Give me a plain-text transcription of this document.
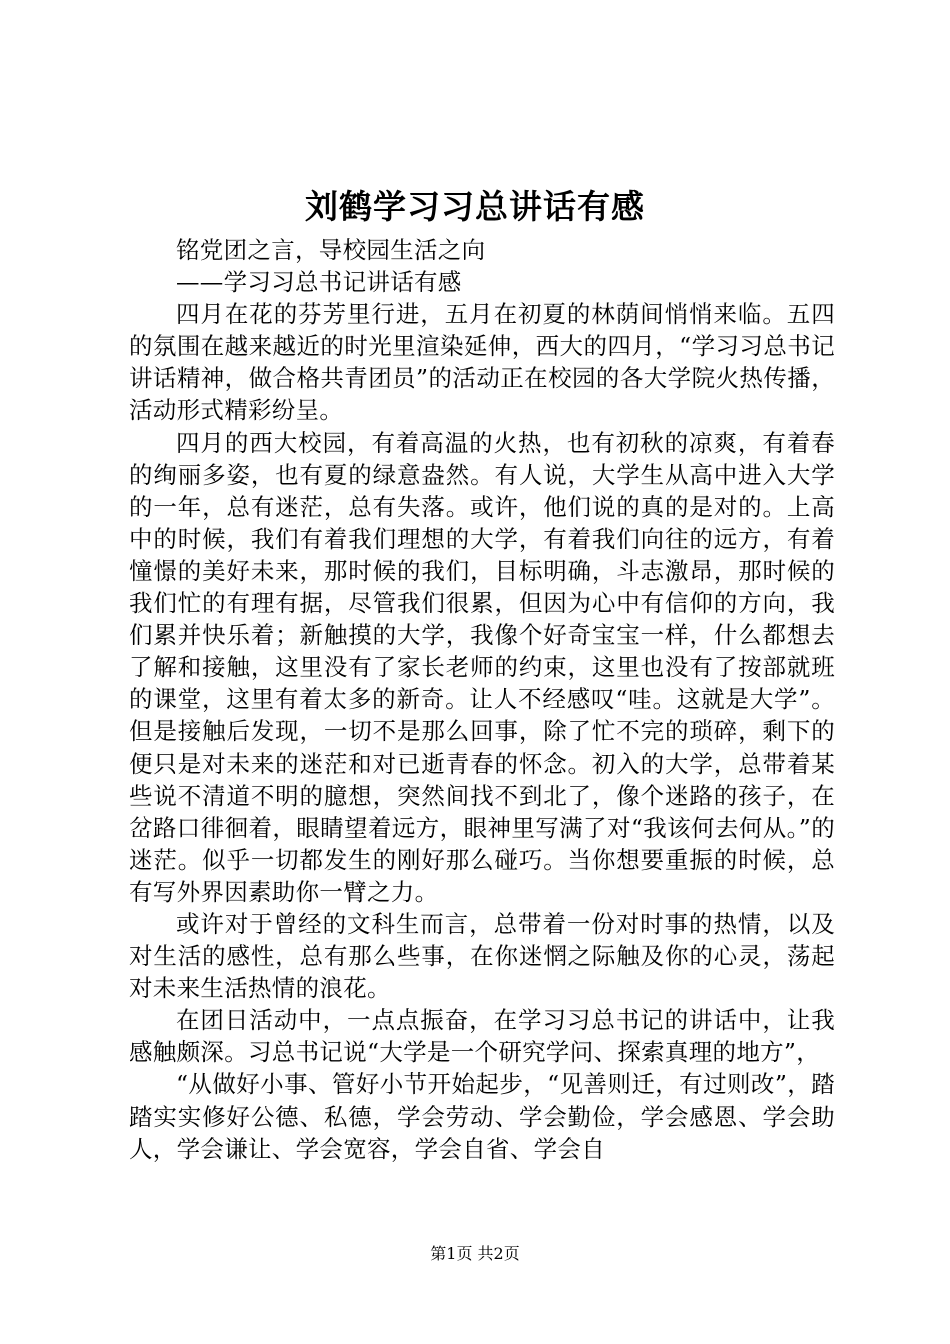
刘鹤学习习总讲话有感

铭党团之言，导校园生活之向

——学习习总书记讲话有感

四月在花的芬芳里行进，五月在初夏的林荫间悄悄来临。五四的氛围在越来越近的时光里渲染延伸，西大的四月，“学习习总书记讲话精神，做合格共青团员”的活动正在校园的各大学院火热传播，活动形式精彩纷呈。

四月的西大校园，有着高温的火热，也有初秋的凉爽，有着春的绚丽多姿，也有夏的绿意盎然。有人说，大学生从高中进入大学的一年，总有迷茫，总有失落。或许，他们说的真的是对的。上高中的时候，我们有着我们理想的大学，有着我们向往的远方，有着憧憬的美好未来，那时候的我们，目标明确，斗志激昂，那时候的我们忙的有理有据，尽管我们很累，但因为心中有信仰的方向，我们累并快乐着；新触摸的大学，我像个好奇宝宝一样，什么都想去了解和接触，这里没有了家长老师的约束，这里也没有了按部就班的课堂，这里有着太多的新奇。让人不经感叹“哇。这就是大学”。但是接触后发现，一切不是那么回事，除了忙不完的琐碎，剩下的便只是对未来的迷茫和对已逝青春的怀念。初入的大学，总带着某些说不清道不明的臆想，突然间找不到北了，像个迷路的孩子，在岔路口徘徊着，眼睛望着远方，眼神里写满了对“我该何去何从。”的迷茫。似乎一切都发生的刚好那么碰巧。当你想要重振的时候，总有写外界因素助你一臂之力。

或许对于曾经的文科生而言，总带着一份对时事的热情，以及对生活的感性，总有那么些事，在你迷惘之际触及你的心灵，荡起对未来生活热情的浪花。

在团日活动中，一点点振奋，在学习习总书记的讲话中，让我感触颇深。习总书记说“大学是一个研究学问、探索真理的地方”，

“从做好小事、管好小节开始起步，“见善则迁，有过则改”，踏踏实实修好公德、私德，学会劳动、学会勤俭，学会感恩、学会助人，学会谦让、学会宽容，学会自省、学会自

第1页 共2页
